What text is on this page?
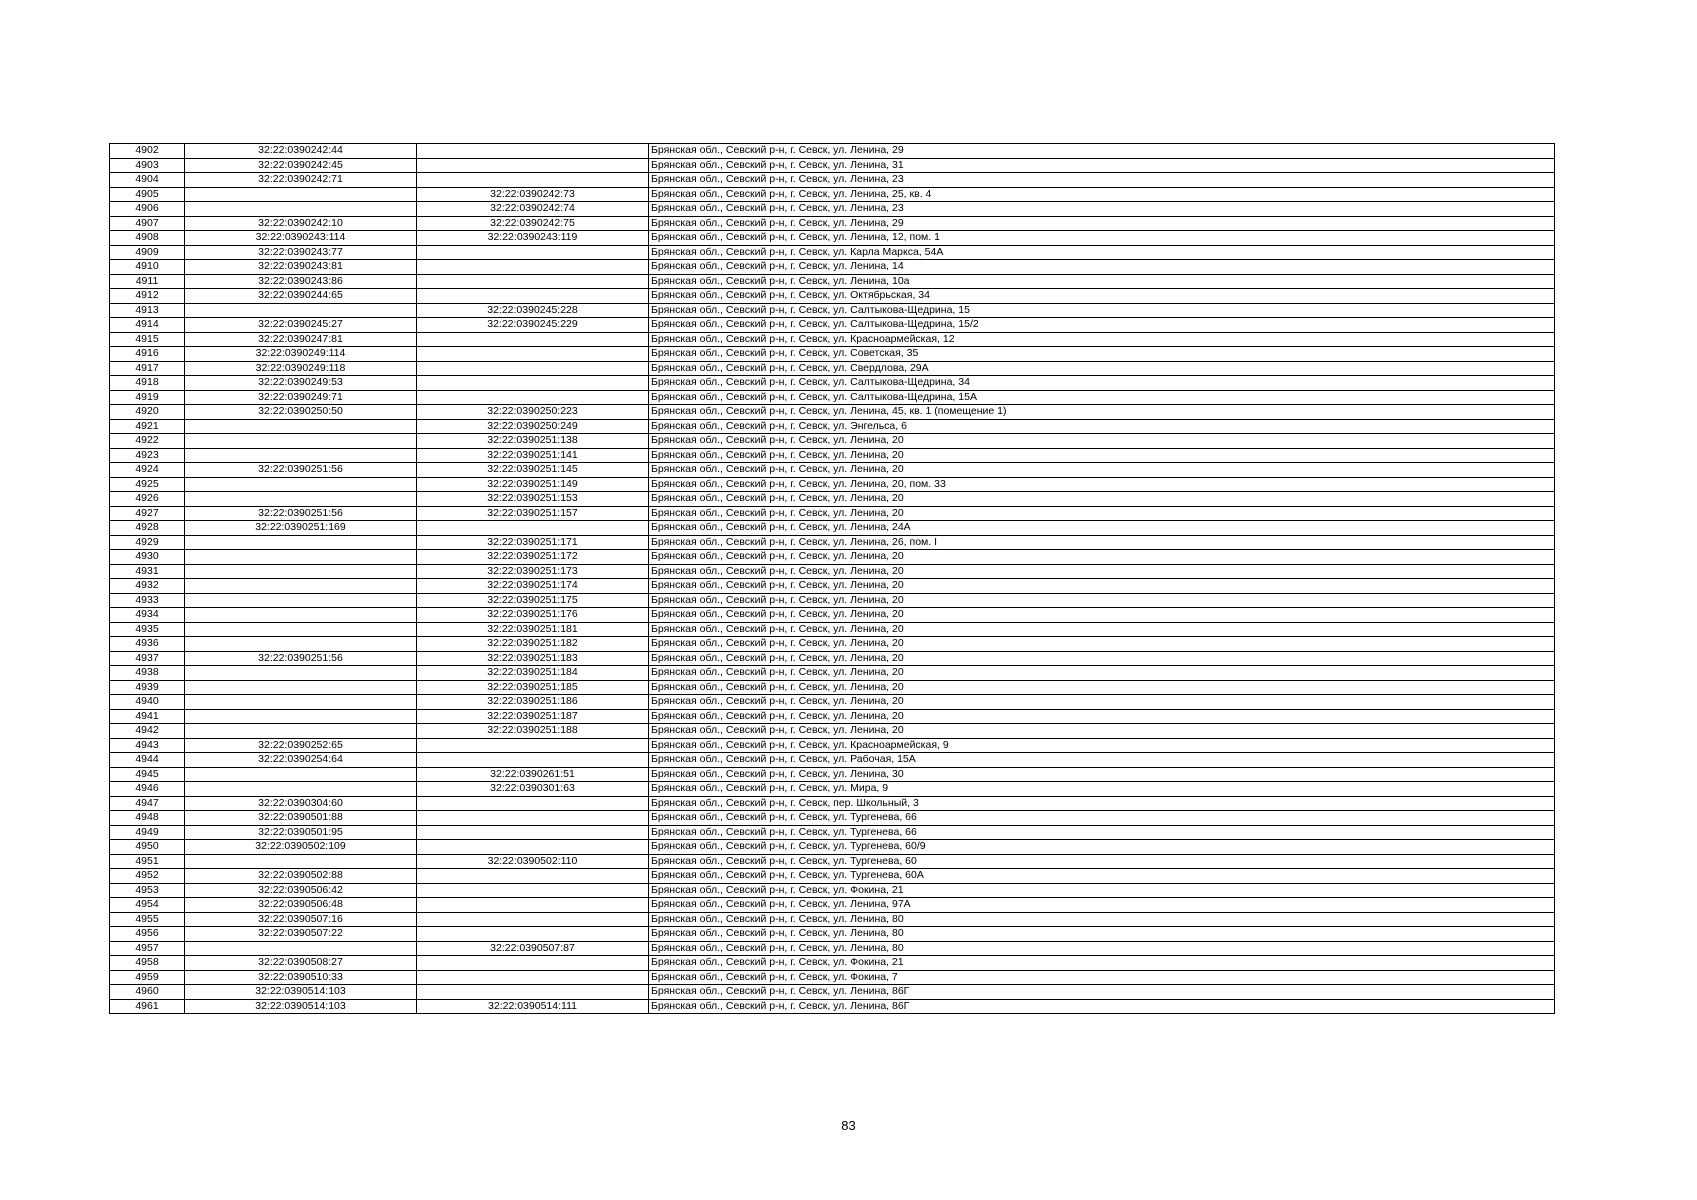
4902	32:22:0390242:44		Брянская обл., Севский р-н, г. Севск, ул. Ленина, 29
4903	32:22:0390242:45		Брянская обл., Севский р-н, г. Севск, ул. Ленина, 31
4904	32:22:0390242:71		Брянская обл., Севский р-н, г. Севск, ул. Ленина, 23
4905		32:22:0390242:73	Брянская обл., Севский р-н, г. Севск, ул. Ленина, 25, кв. 4
4906		32:22:0390242:74	Брянская обл., Севский р-н, г. Севск, ул. Ленина, 23
4907	32:22:0390242:10	32:22:0390242:75	Брянская обл., Севский р-н, г. Севск, ул. Ленина, 29
4908	32:22:0390243:114	32:22:0390243:119	Брянская обл., Севский р-н, г. Севск, ул. Ленина, 12, пом. 1
4909	32:22:0390243:77		Брянская обл., Севский р-н, г. Севск, ул. Карла Маркса, 54А
4910	32:22:0390243:81		Брянская обл., Севский р-н, г. Севск, ул. Ленина, 14
4911	32:22:0390243:86		Брянская обл., Севский р-н, г. Севск, ул. Ленина, 10а
4912	32:22:0390244:65		Брянская обл., Севский р-н, г. Севск, ул. Октябрьская, 34
4913		32:22:0390245:228	Брянская обл., Севский р-н, г. Севск, ул. Салтыкова-Щедрина, 15
4914	32:22:0390245:27	32:22:0390245:229	Брянская обл., Севский р-н, г. Севск, ул. Салтыкова-Щедрина, 15/2
4915	32:22:0390247:81		Брянская обл., Севский р-н, г. Севск, ул. Красноармейская, 12
4916	32:22:0390249:114		Брянская обл., Севский р-н, г. Севск, ул. Советская, 35
4917	32:22:0390249:118		Брянская обл., Севский р-н, г. Севск, ул. Свердлова, 29А
4918	32:22:0390249:53		Брянская обл., Севский р-н, г. Севск, ул. Салтыкова-Щедрина, 34
4919	32:22:0390249:71		Брянская обл., Севский р-н, г. Севск, ул. Салтыкова-Щедрина, 15А
4920	32:22:0390250:50	32:22:0390250:223	Брянская обл., Севский р-н, г. Севск, ул. Ленина, 45, кв. 1 (помещение 1)
4921		32:22:0390250:249	Брянская обл., Севский р-н, г. Севск, ул. Энгельса, 6
4922		32:22:0390251:138	Брянская обл., Севский р-н, г. Севск, ул. Ленина, 20
4923		32:22:0390251:141	Брянская обл., Севский р-н, г. Севск, ул. Ленина, 20
4924	32:22:0390251:56	32:22:0390251:145	Брянская обл., Севский р-н, г. Севск, ул. Ленина, 20
4925		32:22:0390251:149	Брянская обл., Севский р-н, г. Севск, ул. Ленина, 20, пом. 33
4926		32:22:0390251:153	Брянская обл., Севский р-н, г. Севск, ул. Ленина, 20
4927	32:22:0390251:56	32:22:0390251:157	Брянская обл., Севский р-н, г. Севск, ул. Ленина, 20
4928	32:22:0390251:169		Брянская обл., Севский р-н, г. Севск, ул. Ленина, 24А
4929		32:22:0390251:171	Брянская обл., Севский р-н, г. Севск, ул. Ленина, 26, пом. I
4930		32:22:0390251:172	Брянская обл., Севский р-н, г. Севск, ул. Ленина, 20
4931		32:22:0390251:173	Брянская обл., Севский р-н, г. Севск, ул. Ленина, 20
4932		32:22:0390251:174	Брянская обл., Севский р-н, г. Севск, ул. Ленина, 20
4933		32:22:0390251:175	Брянская обл., Севский р-н, г. Севск, ул. Ленина, 20
4934		32:22:0390251:176	Брянская обл., Севский р-н, г. Севск, ул. Ленина, 20
4935		32:22:0390251:181	Брянская обл., Севский р-н, г. Севск, ул. Ленина, 20
4936		32:22:0390251:182	Брянская обл., Севский р-н, г. Севск, ул. Ленина, 20
4937	32:22:0390251:56	32:22:0390251:183	Брянская обл., Севский р-н, г. Севск, ул. Ленина, 20
4938		32:22:0390251:184	Брянская обл., Севский р-н, г. Севск, ул. Ленина, 20
4939		32:22:0390251:185	Брянская обл., Севский р-н, г. Севск, ул. Ленина, 20
4940		32:22:0390251:186	Брянская обл., Севский р-н, г. Севск, ул. Ленина, 20
4941		32:22:0390251:187	Брянская обл., Севский р-н, г. Севск, ул. Ленина, 20
4942		32:22:0390251:188	Брянская обл., Севский р-н, г. Севск, ул. Ленина, 20
4943	32:22:0390252:65		Брянская обл., Севский р-н, г. Севск, ул. Красноармейская, 9
4944	32:22:0390254:64		Брянская обл., Севский р-н, г. Севск, ул. Рабочая, 15А
4945		32:22:0390261:51	Брянская обл., Севский р-н, г. Севск, ул. Ленина, 30
4946		32:22:0390301:63	Брянская обл., Севский р-н, г. Севск, ул. Мира, 9
4947	32:22:0390304:60		Брянская обл., Севский р-н, г. Севск, пер. Школьный, 3
4948	32:22:0390501:88		Брянская обл., Севский р-н, г. Севск, ул. Тургенева, 66
4949	32:22:0390501:95		Брянская обл., Севский р-н, г. Севск, ул. Тургенева, 66
4950	32:22:0390502:109		Брянская обл., Севский р-н, г. Севск, ул. Тургенева, 60/9
4951		32:22:0390502:110	Брянская обл., Севский р-н, г. Севск, ул. Тургенева, 60
4952	32:22:0390502:88		Брянская обл., Севский р-н, г. Севск, ул. Тургенева, 60А
4953	32:22:0390506:42		Брянская обл., Севский р-н, г. Севск, ул. Фокина, 21
4954	32:22:0390506:48		Брянская обл., Севский р-н, г. Севск, ул. Ленина, 97А
4955	32:22:0390507:16		Брянская обл., Севский р-н, г. Севск, ул. Ленина, 80
4956	32:22:0390507:22		Брянская обл., Севский р-н, г. Севск, ул. Ленина, 80
4957		32:22:0390507:87	Брянская обл., Севский р-н, г. Севск, ул. Ленина, 80
4958	32:22:0390508:27		Брянская обл., Севский р-н, г. Севск, ул. Фокина, 21
4959	32:22:0390510:33		Брянская обл., Севский р-н, г. Севск, ул. Фокина, 7
4960	32:22:0390514:103		Брянская обл., Севский р-н, г. Севск, ул. Ленина, 86Г
4961	32:22:0390514:103	32:22:0390514:111	Брянская обл., Севский р-н, г. Севск, ул. Ленина, 86Г
83
